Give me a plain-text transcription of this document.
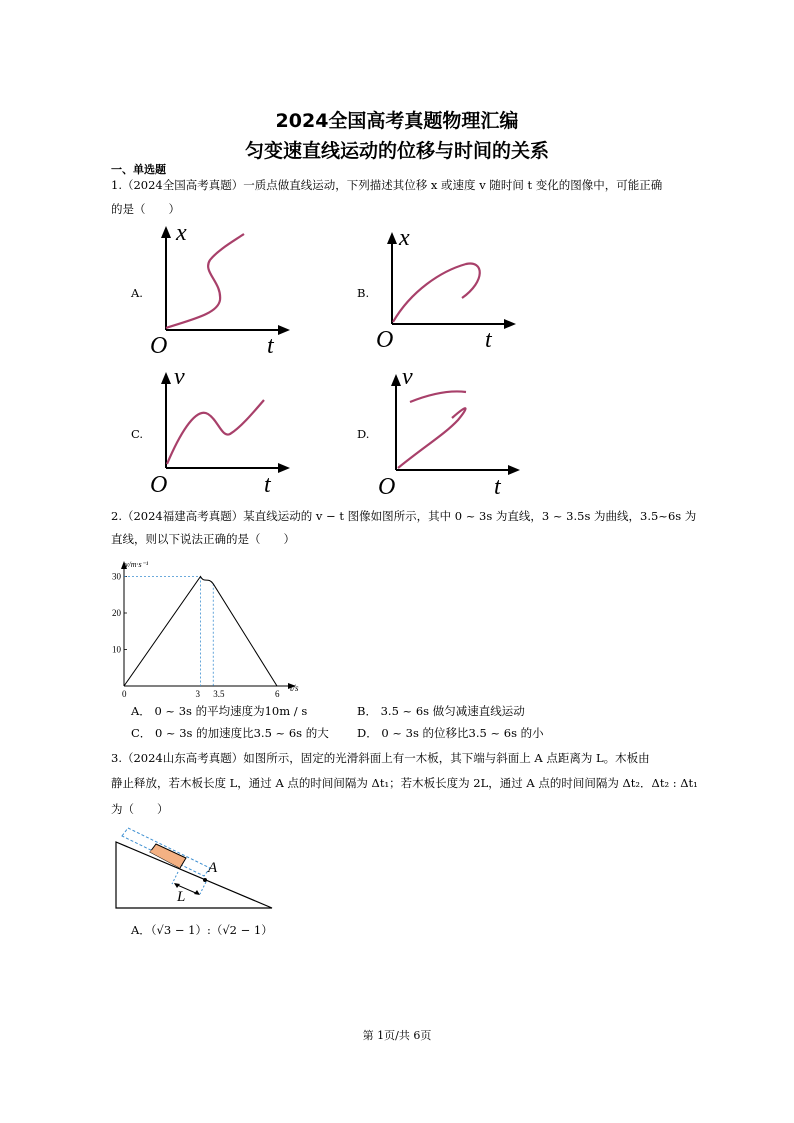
2024全国高考真题物理汇编
匀变速直线运动的位移与时间的关系
一、单选题
1.（2024全国高考真题）一质点做直线运动，下列描述其位移 x 或速度 v 随时间 t 变化的图像中，可能正确
的是（　　）
A.
x
O	t
B.
x
O	t
C.
v
O	t
D.
v
O	t
2.（2024福建高考真题）某直线运动的 v − t 图像如图所示，其中 0 ~ 3s 为直线，3 ~ 3.5s 为曲线，3.5~6s 为
直线，则以下说法正确的是（　　）
v/m·s⁻¹
t/s
10
20
30
0	3 3.5	6
A． 0 ~ 3s 的平均速度为10m / s	B． 3.5 ~ 6s 做匀减速直线运动
C． 0 ~ 3s 的加速度比3.5 ~ 6s 的大 D． 0 ~ 3s 的位移比3.5 ~ 6s 的小
3.（2024山东高考真题）如图所示，固定的光滑斜面上有一木板，其下端与斜面上 A 点距离为 L。木板由
静止释放，若木板长度 L，通过 A 点的时间间隔为 Δt₁；若木板长度为 2L，通过 A 点的时间间隔为 Δt₂．Δt₂ : Δt₁
为（　　）
A
L
A．（√3 − 1）:（√2 − 1）
第 1页/共 6页
